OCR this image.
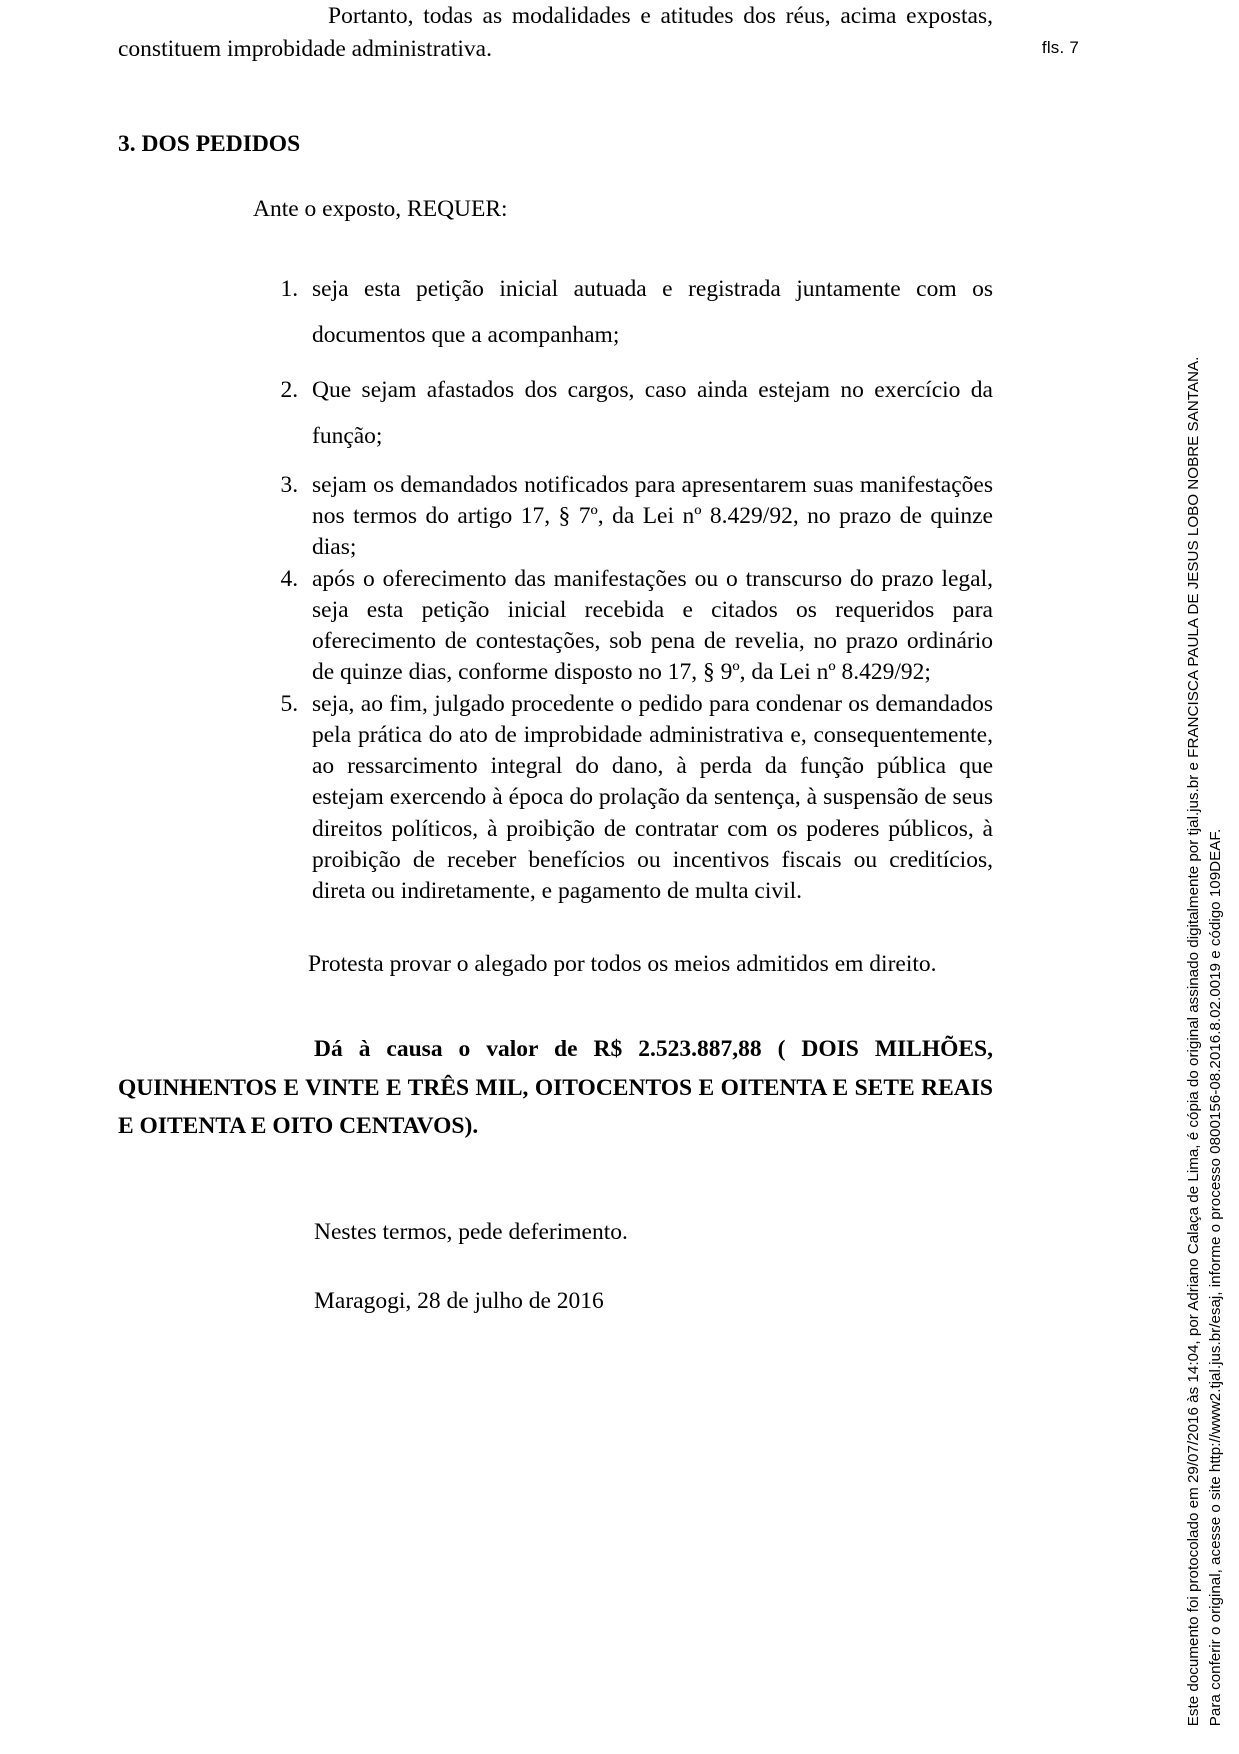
fls. 7
Este documento foi protocolado em 29/07/2016 às 14:04, por Adriano Calaça de Lima, é cópia do original assinado digitalmente por tjal.jus.br e FRANCISCA PAULA DE JESUS LOBO NOBRE SANTANA. Para conferir o original, acesse o site http://www2.tjal.jus.br/esaj, informe o processo 0800156-08.2016.8.02.0019 e código 109DEAF.

Portanto, todas as modalidades e atitudes dos réus, acima expostas, constituem improbidade administrativa.

3. DOS PEDIDOS

Ante o exposto, REQUER:

1. seja esta petição inicial autuada e registrada juntamente com os documentos que a acompanham;
2. Que sejam afastados dos cargos, caso ainda estejam no exercício da função;
3. sejam os demandados notificados para apresentarem suas manifestações nos termos do artigo 17, § 7º, da Lei nº 8.429/92, no prazo de quinze dias;
4. após o oferecimento das manifestações ou o transcurso do prazo legal, seja esta petição inicial recebida e citados os requeridos para oferecimento de contestações, sob pena de revelia, no prazo ordinário de quinze dias, conforme disposto no 17, § 9º, da Lei nº 8.429/92;
5. seja, ao fim, julgado procedente o pedido para condenar os demandados pela prática do ato de improbidade administrativa e, consequentemente, ao ressarcimento integral do dano, à perda da função pública que estejam exercendo à época do prolação da sentença, à suspensão de seus direitos políticos, à proibição de contratar com os poderes públicos, à proibição de receber benefícios ou incentivos fiscais ou creditícios, direta ou indiretamente, e pagamento de multa civil.

Protesta provar o alegado por todos os meios admitidos em direito.

Dá à causa o valor de R$ 2.523.887,88 ( DOIS MILHÕES, QUINHENTOS E VINTE E TRÊS MIL, OITOCENTOS E OITENTA E SETE REAIS E OITENTA E OITO CENTAVOS).

Nestes termos, pede deferimento.

Maragogi, 28 de julho de 2016
